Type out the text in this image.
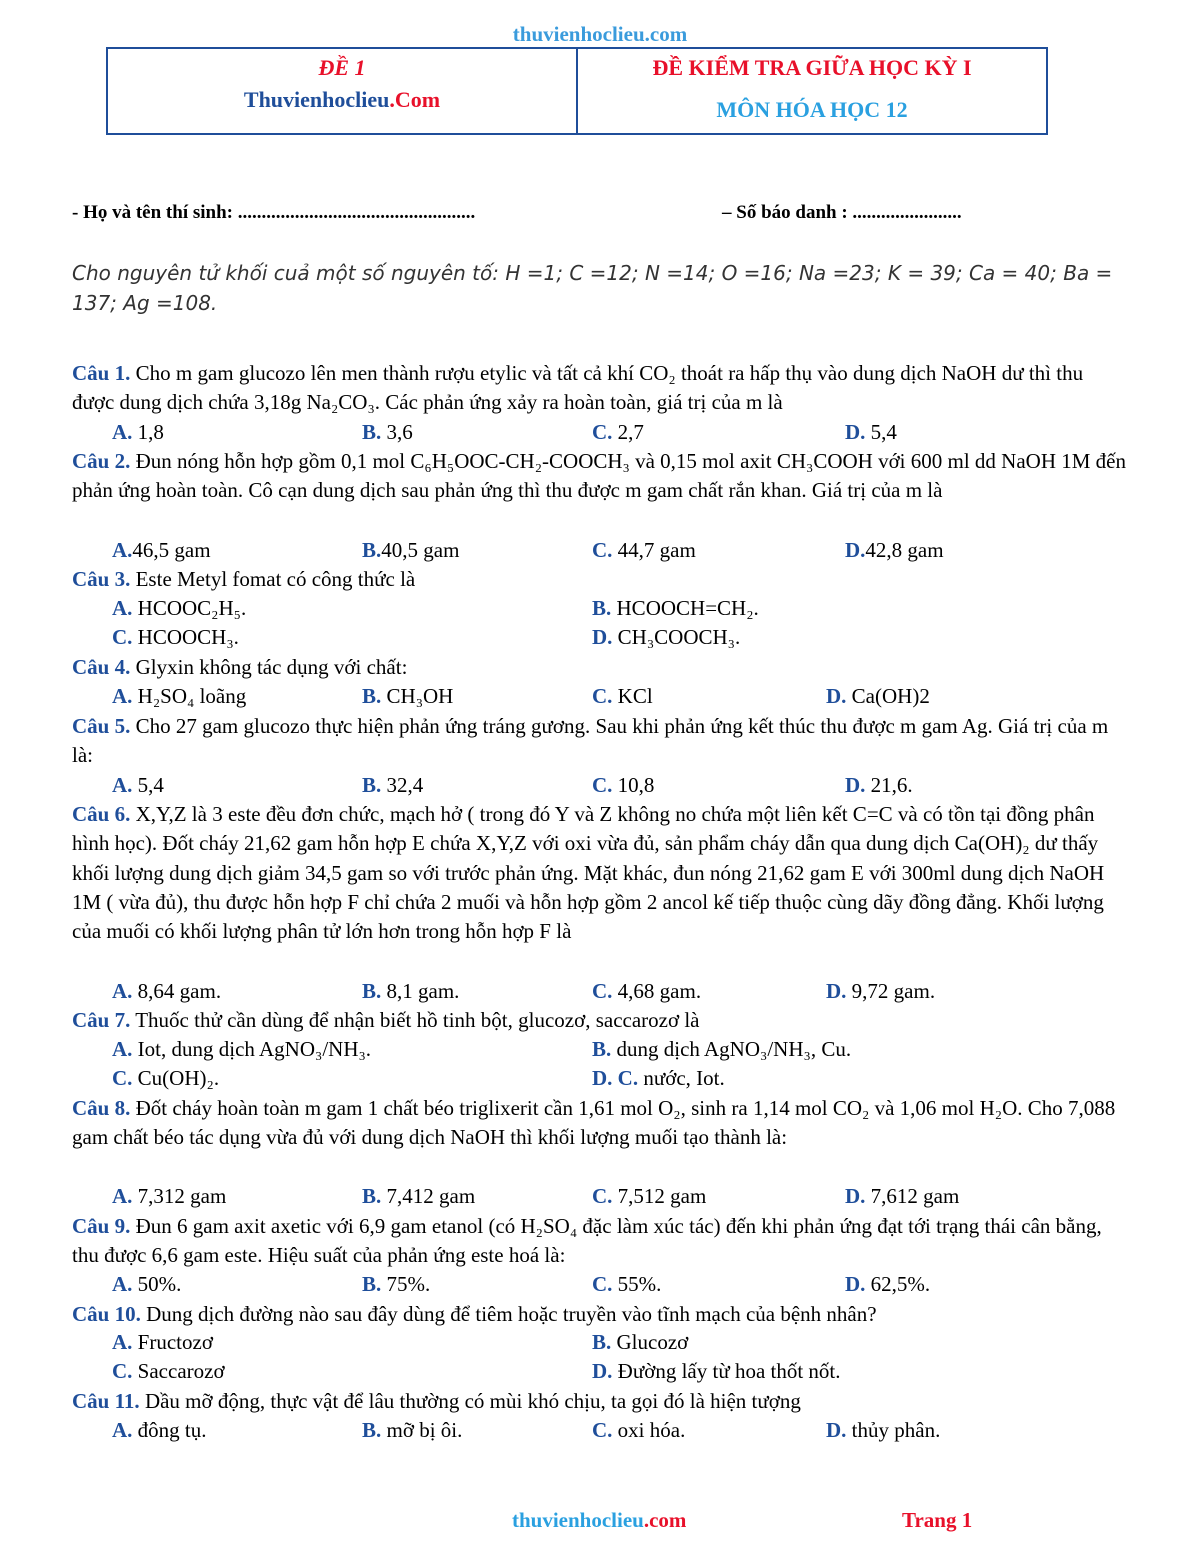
thuvienhoclieu.com
ĐỀ 1
Thuvienhoclieu.Com
ĐỀ KIỂM TRA GIỮA HỌC KỲ I
MÔN HÓA HỌC 12
- Họ và tên thí sinh: ..................................................	– Số báo danh : .......................
Cho nguyên tử khối cuả một số nguyên tố: H =1; C =12; N =14; O =16; Na =23; K = 39; Ca = 40; Ba = 137; Ag =108.
Câu 1. Cho m gam glucozo lên men thành rượu etylic và tất cả khí CO₂ thoát ra hấp thụ vào dung dịch NaOH dư thì thu được dung dịch chứa 3,18g Na₂CO₃. Các phản ứng xảy ra hoàn toàn, giá trị của m là
A. 1,8	B. 3,6	C. 2,7	D. 5,4
Câu 2. Đun nóng hỗn hợp gồm 0,1 mol C₆H₅OOC-CH₂-COOCH₃ và 0,15 mol axit CH₃COOH với 600 ml dd NaOH 1M đến phản ứng hoàn toàn. Cô cạn dung dịch sau phản ứng thì thu được m gam chất rắn khan. Giá trị của m là
A.46,5 gam	B.40,5 gam	C. 44,7 gam	D.42,8 gam
Câu 3. Este Metyl fomat có công thức là
A. HCOOC₂H₅.	B. HCOOCH=CH₂.
C. HCOOCH₃.	D. CH₃COOCH₃.
Câu 4. Glyxin không tác dụng với chất:
A. H₂SO₄ loãng	B. CH₃OH	C. KCl	D. Ca(OH)2
Câu 5. Cho 27 gam glucozo thực hiện phản ứng tráng gương. Sau khi phản ứng kết thúc thu được m gam Ag. Giá trị của m là:
A. 5,4	B. 32,4	C. 10,8	D. 21,6.
Câu 6. X,Y,Z là 3 este đều đơn chức, mạch hở ( trong đó Y và Z không no chứa một liên kết C=C và có tồn tại đồng phân hình học). Đốt cháy 21,62 gam hỗn hợp E chứa X,Y,Z với oxi vừa đủ, sản phẩm cháy dẫn qua dung dịch Ca(OH)₂ dư thấy khối lượng dung dịch giảm 34,5 gam so với trước phản ứng. Mặt khác, đun nóng 21,62 gam E với 300ml dung dịch NaOH 1M ( vừa đủ), thu được hỗn hợp F chỉ chứa 2 muối và hỗn hợp gồm 2 ancol kế tiếp thuộc cùng dãy đồng đẳng. Khối lượng của muối có khối lượng phân tử lớn hơn trong hỗn hợp F là
A. 8,64 gam.	B. 8,1 gam.	C. 4,68 gam.	D. 9,72 gam.
Câu 7. Thuốc thử cần dùng để nhận biết hồ tinh bột, glucozơ, saccarozơ là
A. Iot, dung dịch AgNO₃/NH₃.	B. dung dịch AgNO₃/NH₃, Cu.
C. Cu(OH)₂.	D. C. nước, Iot.
Câu 8. Đốt cháy hoàn toàn m gam 1 chất béo triglixerit cần 1,61 mol O₂, sinh ra 1,14 mol CO₂ và 1,06 mol H₂O. Cho 7,088 gam chất béo tác dụng vừa đủ với dung dịch NaOH thì khối lượng muối tạo thành là:
A. 7,312 gam	B. 7,412 gam	C. 7,512 gam	D. 7,612 gam
Câu 9. Đun 6 gam axit axetic với 6,9 gam etanol (có H₂SO₄ đặc làm xúc tác) đến khi phản ứng đạt tới trạng thái cân bằng, thu được 6,6 gam este. Hiệu suất của phản ứng este hoá là:
A. 50%.	B. 75%.	C. 55%.	D. 62,5%.
Câu 10. Dung dịch đường nào sau đây dùng để tiêm hoặc truyền vào tĩnh mạch của bệnh nhân?
A. Fructozơ	B. Glucozơ
C. Saccarozơ	D. Đường lấy từ hoa thốt nốt.
Câu 11. Dầu mỡ động, thực vật để lâu thường có mùi khó chịu, ta gọi đó là hiện tượng
A. đông tụ.	B. mỡ bị ôi.	C. oxi hóa.	D. thủy phân.
thuvienhoclieu.com	Trang 1
